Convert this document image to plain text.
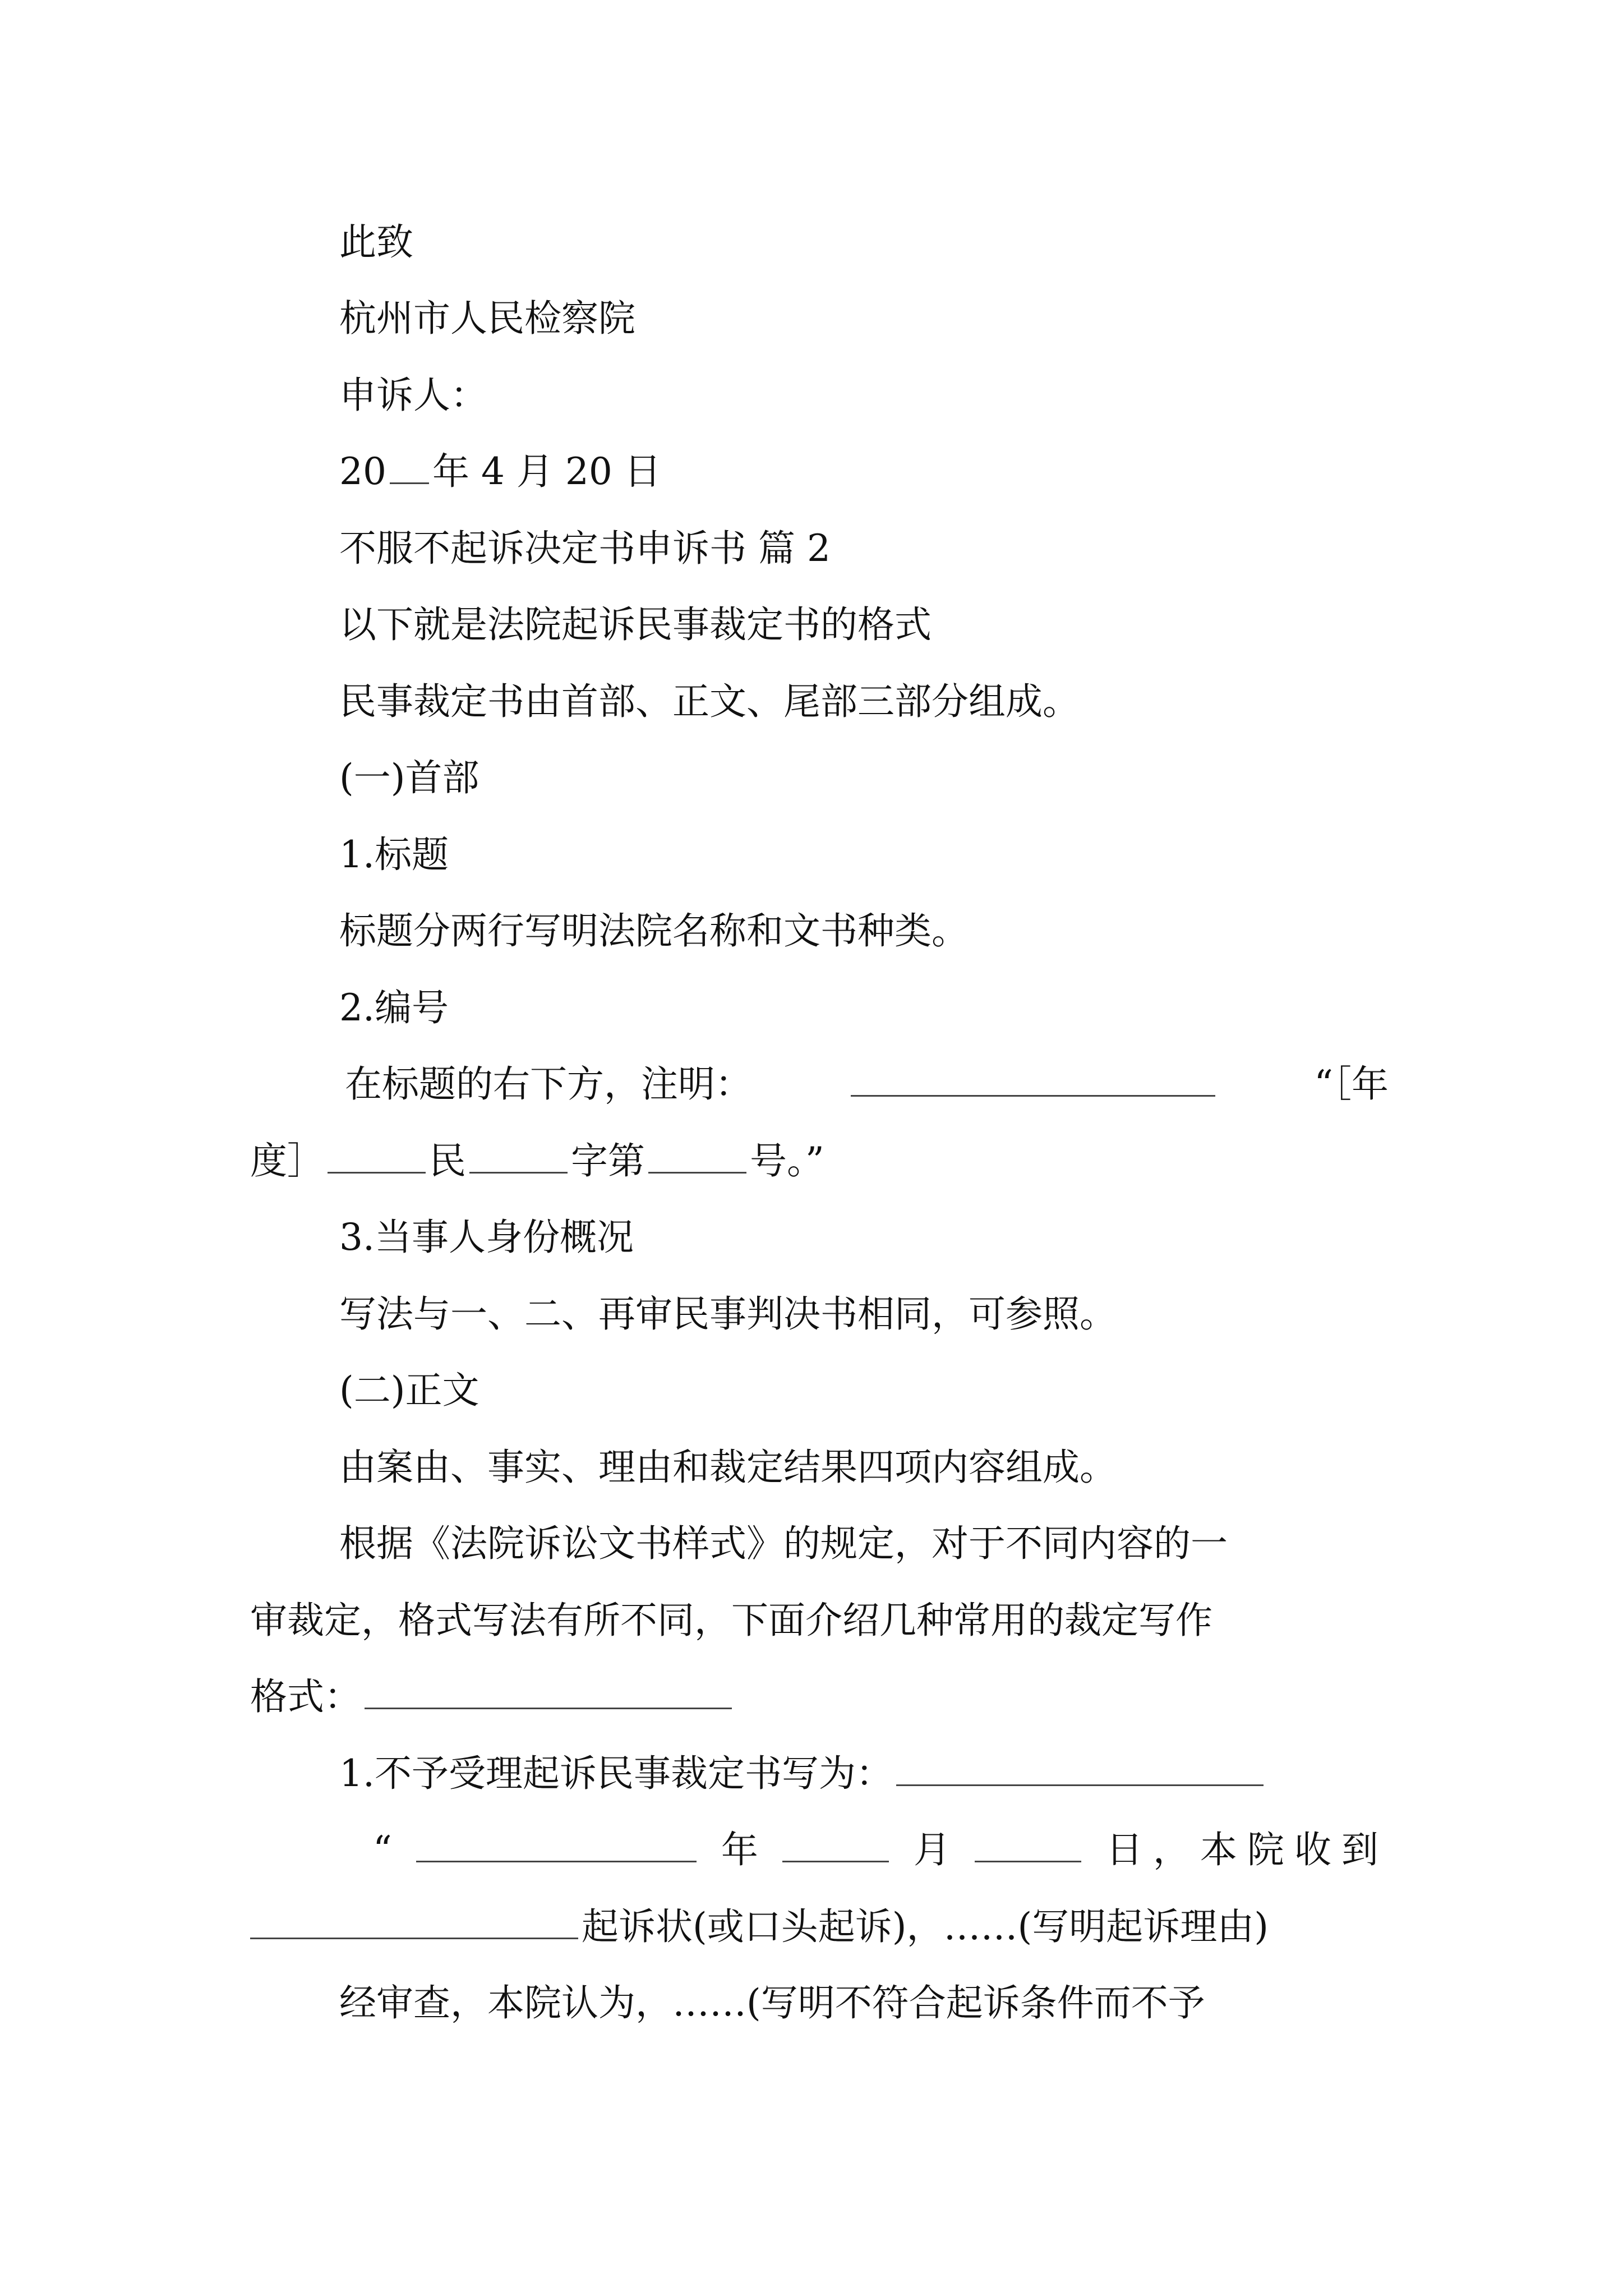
此致
杭州市人民检察院
申诉人：
20 年 4 月 20 日
不服不起诉决定书申诉书 篇 2
以下就是法院起诉民事裁定书的格式
民事裁定书由首部、正文、尾部三部分组成。
(一)首部
1.标题
标题分两行写明法院名称和文书种类。
2.编号
在标题的右下方，注明：	“［年
度］	民	字第	号。”
3.当事人身份概况
写法与一、二、再审民事判决书相同，可参照。
(二)正文
由案由、事实、理由和裁定结果四项内容组成。
根据《法院诉讼文书样式》的规定，对于不同内容的一
审裁定，格式写法有所不同，下面介绍几种常用的裁定写作
格式：
1.不予受理起诉民事裁定书写为：
“	年	月	日，本院收到
起诉状(或口头起诉)，……(写明起诉理由)
经审查，本院认为，……(写明不符合起诉条件而不予
